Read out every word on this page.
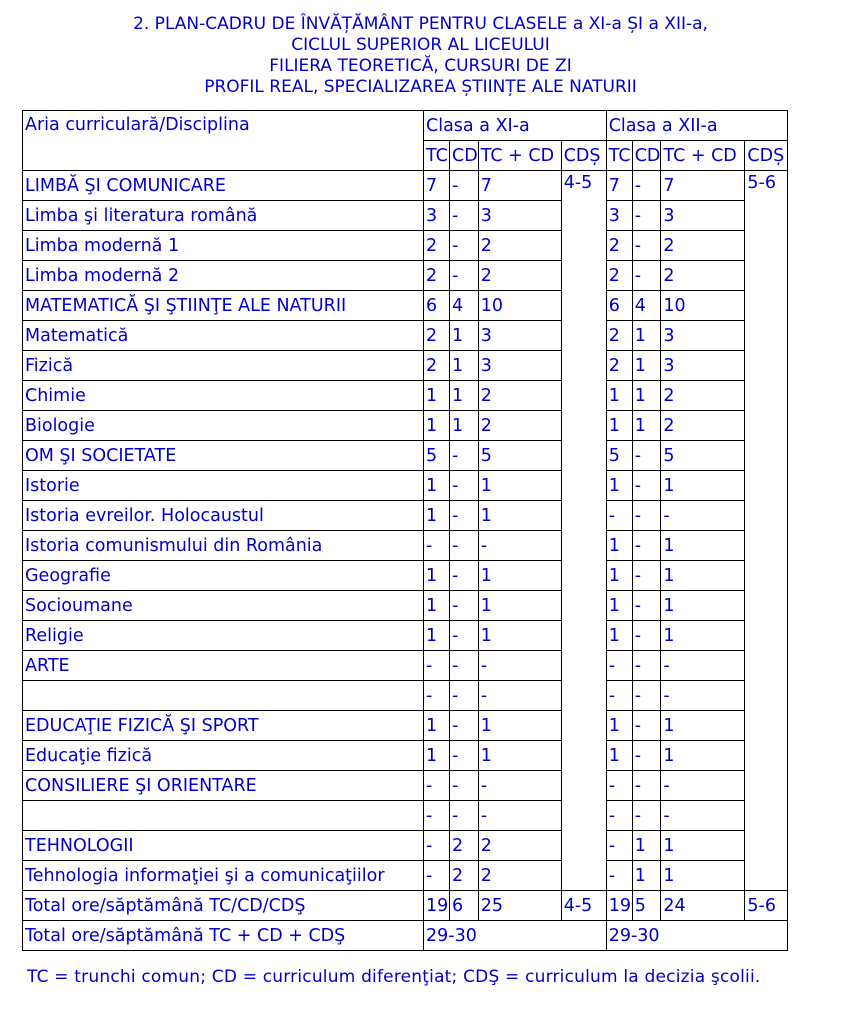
2. PLAN-CADRU DE ÎNVĂȚĂMÂNT PENTRU CLASELE a XI-a ȘI a XII-a,
CICLUL SUPERIOR AL LICEULUI
FILIERA TEORETICĂ, CURSURI DE ZI
PROFIL REAL, SPECIALIZAREA ȘTIINȚE ALE NATURII
Aria curriculară/Disciplina	Clasa a XI-a				Clasa a XII-a			
	TC	CD	TC + CD	CDȘ	TC	CD	TC + CD	CDȘ
LIMBĂ ŞI COMUNICARE	7	-	7	4-5	7	-	7	5-6
Limba şi literatura română	3	-	3		3	-	3	
Limba modernă 1	2	-	2		2	-	2	
Limba modernă 2	2	-	2		2	-	2	
MATEMATICĂ ŞI ŞTIINŢE ALE NATURII	6	4	10		6	4	10	
Matematică	2	1	3		2	1	3	
Fizică	2	1	3		2	1	3	
Chimie	1	1	2		1	1	2	
Biologie	1	1	2		1	1	2	
OM ŞI SOCIETATE	5	-	5		5	-	5	
Istorie	1	-	1		1	-	1	
Istoria evreilor. Holocaustul	1	-	1		-	-	-	
Istoria comunismului din România	-	-	-		1	-	1	
Geografie	1	-	1		1	-	1	
Socioumane	1	-	1		1	-	1	
Religie	1	-	1		1	-	1	
ARTE	-	-	-		-	-	-	
	-	-	-		-	-	-	
EDUCAŢIE FIZICĂ ŞI SPORT	1	-	1		1	-	1	
Educaţie fizică	1	-	1		1	-	1	
CONSILIERE ŞI ORIENTARE	-	-	-		-	-	-	
	-	-	-		-	-	-	
TEHNOLOGII	-	2	2		-	1	1	
Tehnologia informaţiei şi a comunicaţiilor	-	2	2		-	1	1	
Total ore/săptămână TC/CD/CDŞ	19	6	25	4-5	19	5	24	5-6
Total ore/săptămână TC + CD + CDŞ	29-30				29-30			
TC = trunchi comun; CD = curriculum diferenţiat; CDŞ = curriculum la decizia şcolii.
